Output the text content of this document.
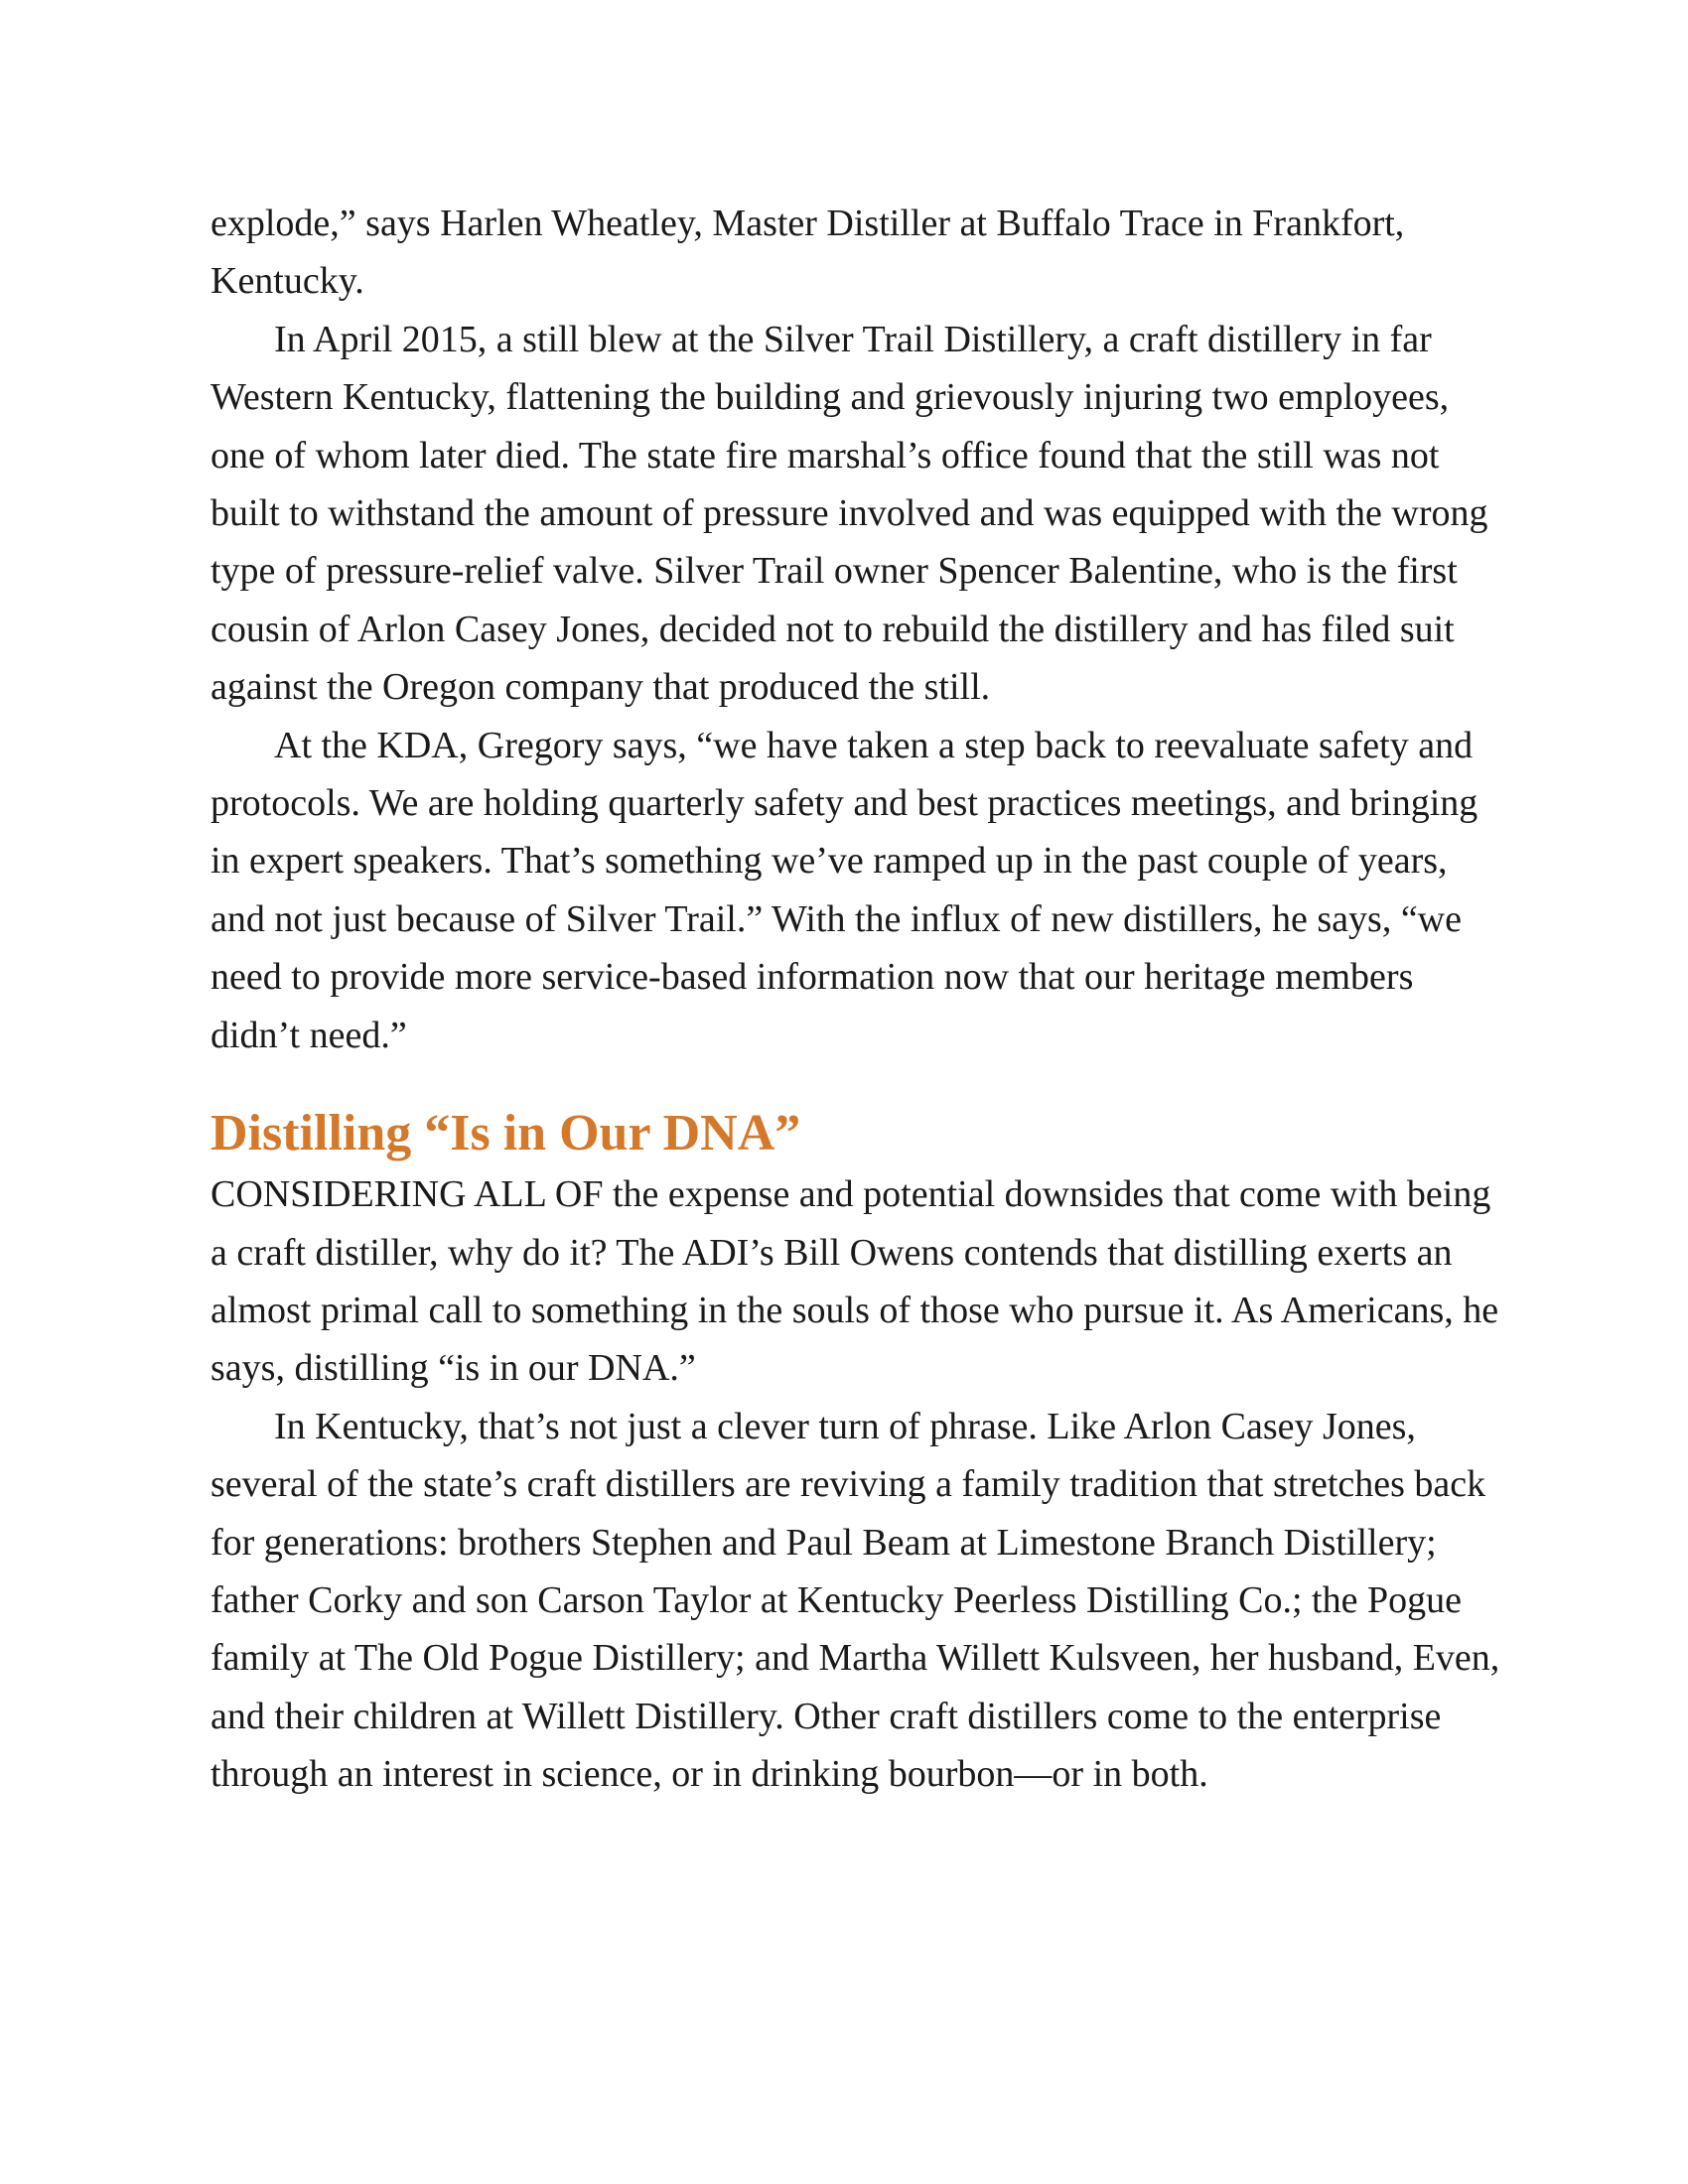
explode,” says Harlen Wheatley, Master Distiller at Buffalo Trace in Frankfort, Kentucky.

In April 2015, a still blew at the Silver Trail Distillery, a craft distillery in far Western Kentucky, flattening the building and grievously injuring two employees, one of whom later died. The state fire marshal’s office found that the still was not built to withstand the amount of pressure involved and was equipped with the wrong type of pressure-relief valve. Silver Trail owner Spencer Balentine, who is the first cousin of Arlon Casey Jones, decided not to rebuild the distillery and has filed suit against the Oregon company that produced the still.

At the KDA, Gregory says, “we have taken a step back to reevaluate safety and protocols. We are holding quarterly safety and best practices meetings, and bringing in expert speakers. That’s something we’ve ramped up in the past couple of years, and not just because of Silver Trail.” With the influx of new distillers, he says, “we need to provide more service-based information now that our heritage members didn’t need.”

Distilling “Is in Our DNA”

CONSIDERING ALL OF the expense and potential downsides that come with being a craft distiller, why do it? The ADI’s Bill Owens contends that distilling exerts an almost primal call to something in the souls of those who pursue it. As Americans, he says, distilling “is in our DNA.”

In Kentucky, that’s not just a clever turn of phrase. Like Arlon Casey Jones, several of the state’s craft distillers are reviving a family tradition that stretches back for generations: brothers Stephen and Paul Beam at Limestone Branch Distillery; father Corky and son Carson Taylor at Kentucky Peerless Distilling Co.; the Pogue family at The Old Pogue Distillery; and Martha Willett Kulsveen, her husband, Even, and their children at Willett Distillery. Other craft distillers come to the enterprise through an interest in science, or in drinking bourbon—or in both.
